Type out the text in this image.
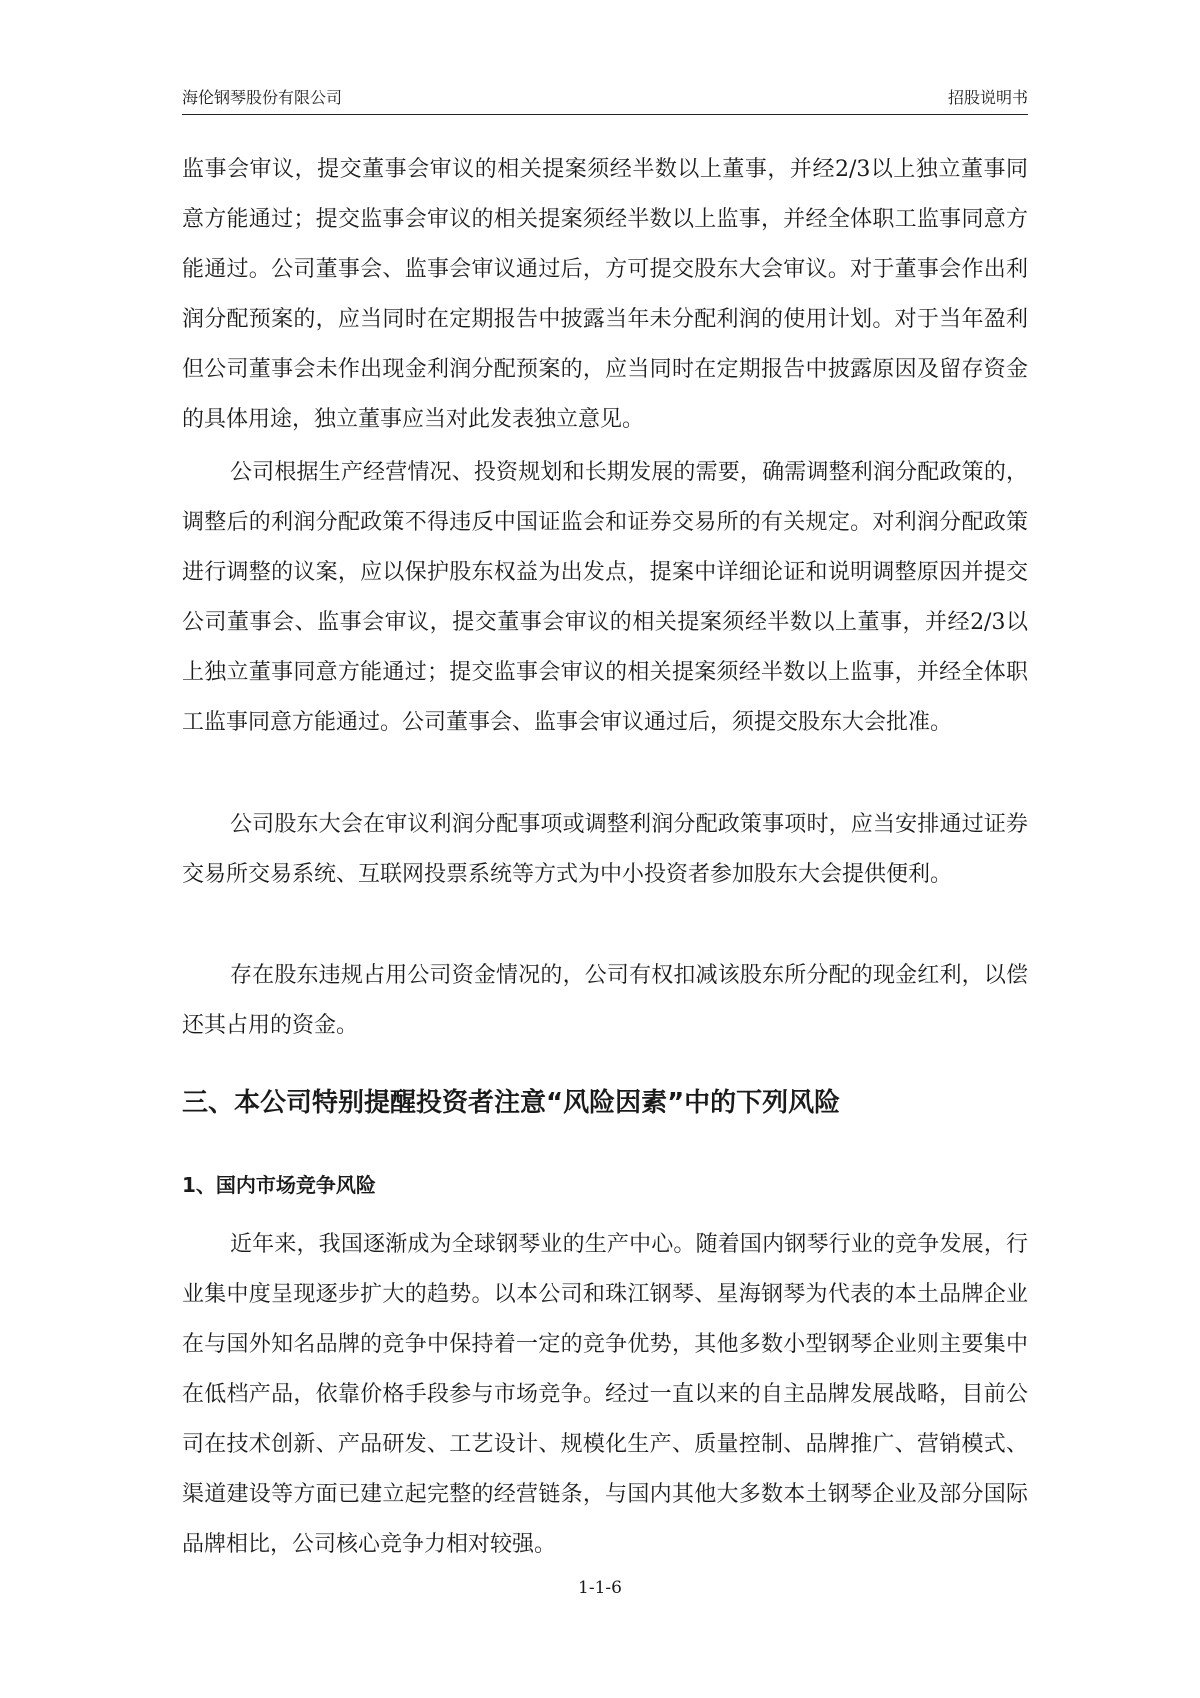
海伦钢琴股份有限公司	招股说明书

监事会审议，提交董事会审议的相关提案须经半数以上董事，并经2/3以上独立董事同意方能通过；提交监事会审议的相关提案须经半数以上监事，并经全体职工监事同意方能通过。公司董事会、监事会审议通过后，方可提交股东大会审议。对于董事会作出利润分配预案的，应当同时在定期报告中披露当年未分配利润的使用计划。对于当年盈利但公司董事会未作出现金利润分配预案的，应当同时在定期报告中披露原因及留存资金的具体用途，独立董事应当对此发表独立意见。

公司根据生产经营情况、投资规划和长期发展的需要，确需调整利润分配政策的，调整后的利润分配政策不得违反中国证监会和证券交易所的有关规定。对利润分配政策进行调整的议案，应以保护股东权益为出发点，提案中详细论证和说明调整原因并提交公司董事会、监事会审议，提交董事会审议的相关提案须经半数以上董事，并经2/3以上独立董事同意方能通过；提交监事会审议的相关提案须经半数以上监事，并经全体职工监事同意方能通过。公司董事会、监事会审议通过后，须提交股东大会批准。

公司股东大会在审议利润分配事项或调整利润分配政策事项时，应当安排通过证券交易所交易系统、互联网投票系统等方式为中小投资者参加股东大会提供便利。

存在股东违规占用公司资金情况的，公司有权扣减该股东所分配的现金红利，以偿还其占用的资金。

三、本公司特别提醒投资者注意“风险因素”中的下列风险
1、国内市场竞争风险

近年来，我国逐渐成为全球钢琴业的生产中心。随着国内钢琴行业的竞争发展，行业集中度呈现逐步扩大的趋势。以本公司和珠江钢琴、星海钢琴为代表的本土品牌企业在与国外知名品牌的竞争中保持着一定的竞争优势，其他多数小型钢琴企业则主要集中在低档产品，依靠价格手段参与市场竞争。经过一直以来的自主品牌发展战略，目前公司在技术创新、产品研发、工艺设计、规模化生产、质量控制、品牌推广、营销模式、渠道建设等方面已建立起完整的经营链条，与国内其他大多数本土钢琴企业及部分国际品牌相比，公司核心竞争力相对较强。

1-1-6
